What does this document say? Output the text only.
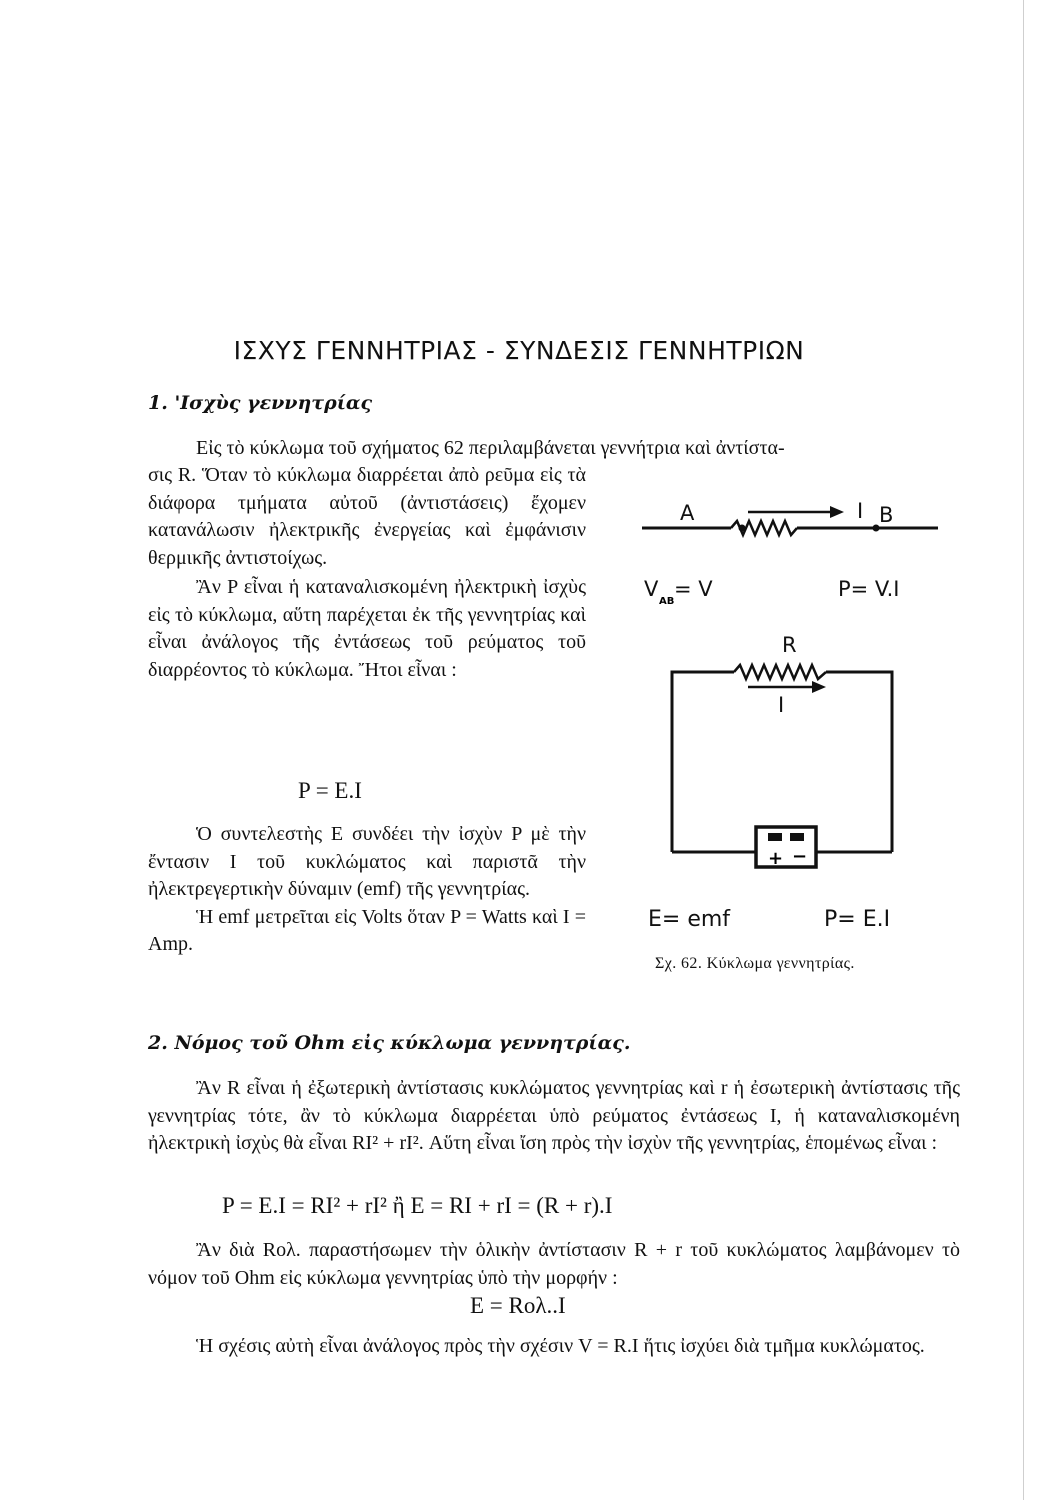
ΙΣΧΥΣ ΓΕΝΝΗΤΡΙΑΣ - ΣΥΝΔΕΣΙΣ ΓΕΝΝΗΤΡΙΩΝ
1. 'Ισχὺς γεννητρίας

Εἰς τὸ κύκλωμα τοῦ σχήματος 62 περιλαμβάνεται γεννήτρια καὶ ἀντίστα-

σις R. Ὅταν τὸ κύκλωμα διαρρέεται ἀπὸ ρεῦμα εἰς τὰ διάφορα τμήματα αὐτοῦ (ἀντιστάσεις) ἔχομεν κατανάλωσιν ἠλεκτρικῆς ἐνεργείας καὶ ἐμφάνισιν θερμικῆς ἀντιστοίχως.

Ἂν P εἶναι ἡ καταναλισκομένη ἠλεκτρικὴ ἰσχὺς εἰς τὸ κύκλωμα, αὕτη παρέχεται ἐκ τῆς γεννητρίας καὶ εἶναι ἀνάλογος τῆς ἐντάσεως τοῦ ρεύματος τοῦ διαρρέοντος τὸ κύκλωμα. Ἤτοι εἶναι :

P = E.I

Ὁ συντελεστὴς E συνδέει τὴν ἰσχὺν P μὲ τὴν ἔντασιν I τοῦ κυκλώματος καὶ παριστᾶ τὴν ἠλεκτρεγερτικὴν δύναμιν (emf) τῆς γεννητρίας.

Ἡ emf μετρεῖται εἰς Volts ὅταν P = Watts καὶ I = Amp.

A	I B
V
AB
= V	P= V.I
R
I
+ −
E= emf	P= E.I
Σχ. 62. Κύκλωμα γεννητρίας.
2. Νόμος τοῦ Ohm εἰς κύκλωμα γεννητρίας.

Ἂν R εἶναι ἡ ἐξωτερικὴ ἀντίστασις κυκλώματος γεννητρίας καὶ r ἡ ἐσωτερικὴ ἀντίστασις τῆς γεννητρίας τότε, ἂν τὸ κύκλωμα διαρρέεται ὑπὸ ρεύματος ἐντάσεως I, ἡ καταναλισκομένη ἠλεκτρικὴ ἰσχὺς θὰ εἶναι RI² + rI². Αὕτη εἶναι ἴση πρὸς τὴν ἰσχὺν τῆς γεννητρίας, ἑπομένως εἶναι :

P = E.I = RI² + rI² ἢ E = RI + rI = (R + r).I

Ἂν διὰ Rολ. παραστήσωμεν τὴν ὁλικὴν ἀντίστασιν R + r τοῦ κυκλώματος λαμβάνομεν τὸ νόμον τοῦ Ohm εἰς κύκλωμα γεννητρίας ὑπὸ τὴν μορφήν :

E = Rολ..I

Ἡ σχέσις αὐτὴ εἶναι ἀνάλογος πρὸς τὴν σχέσιν V = R.I ἥτις ἰσχύει διὰ τμῆμα κυκλώματος.
